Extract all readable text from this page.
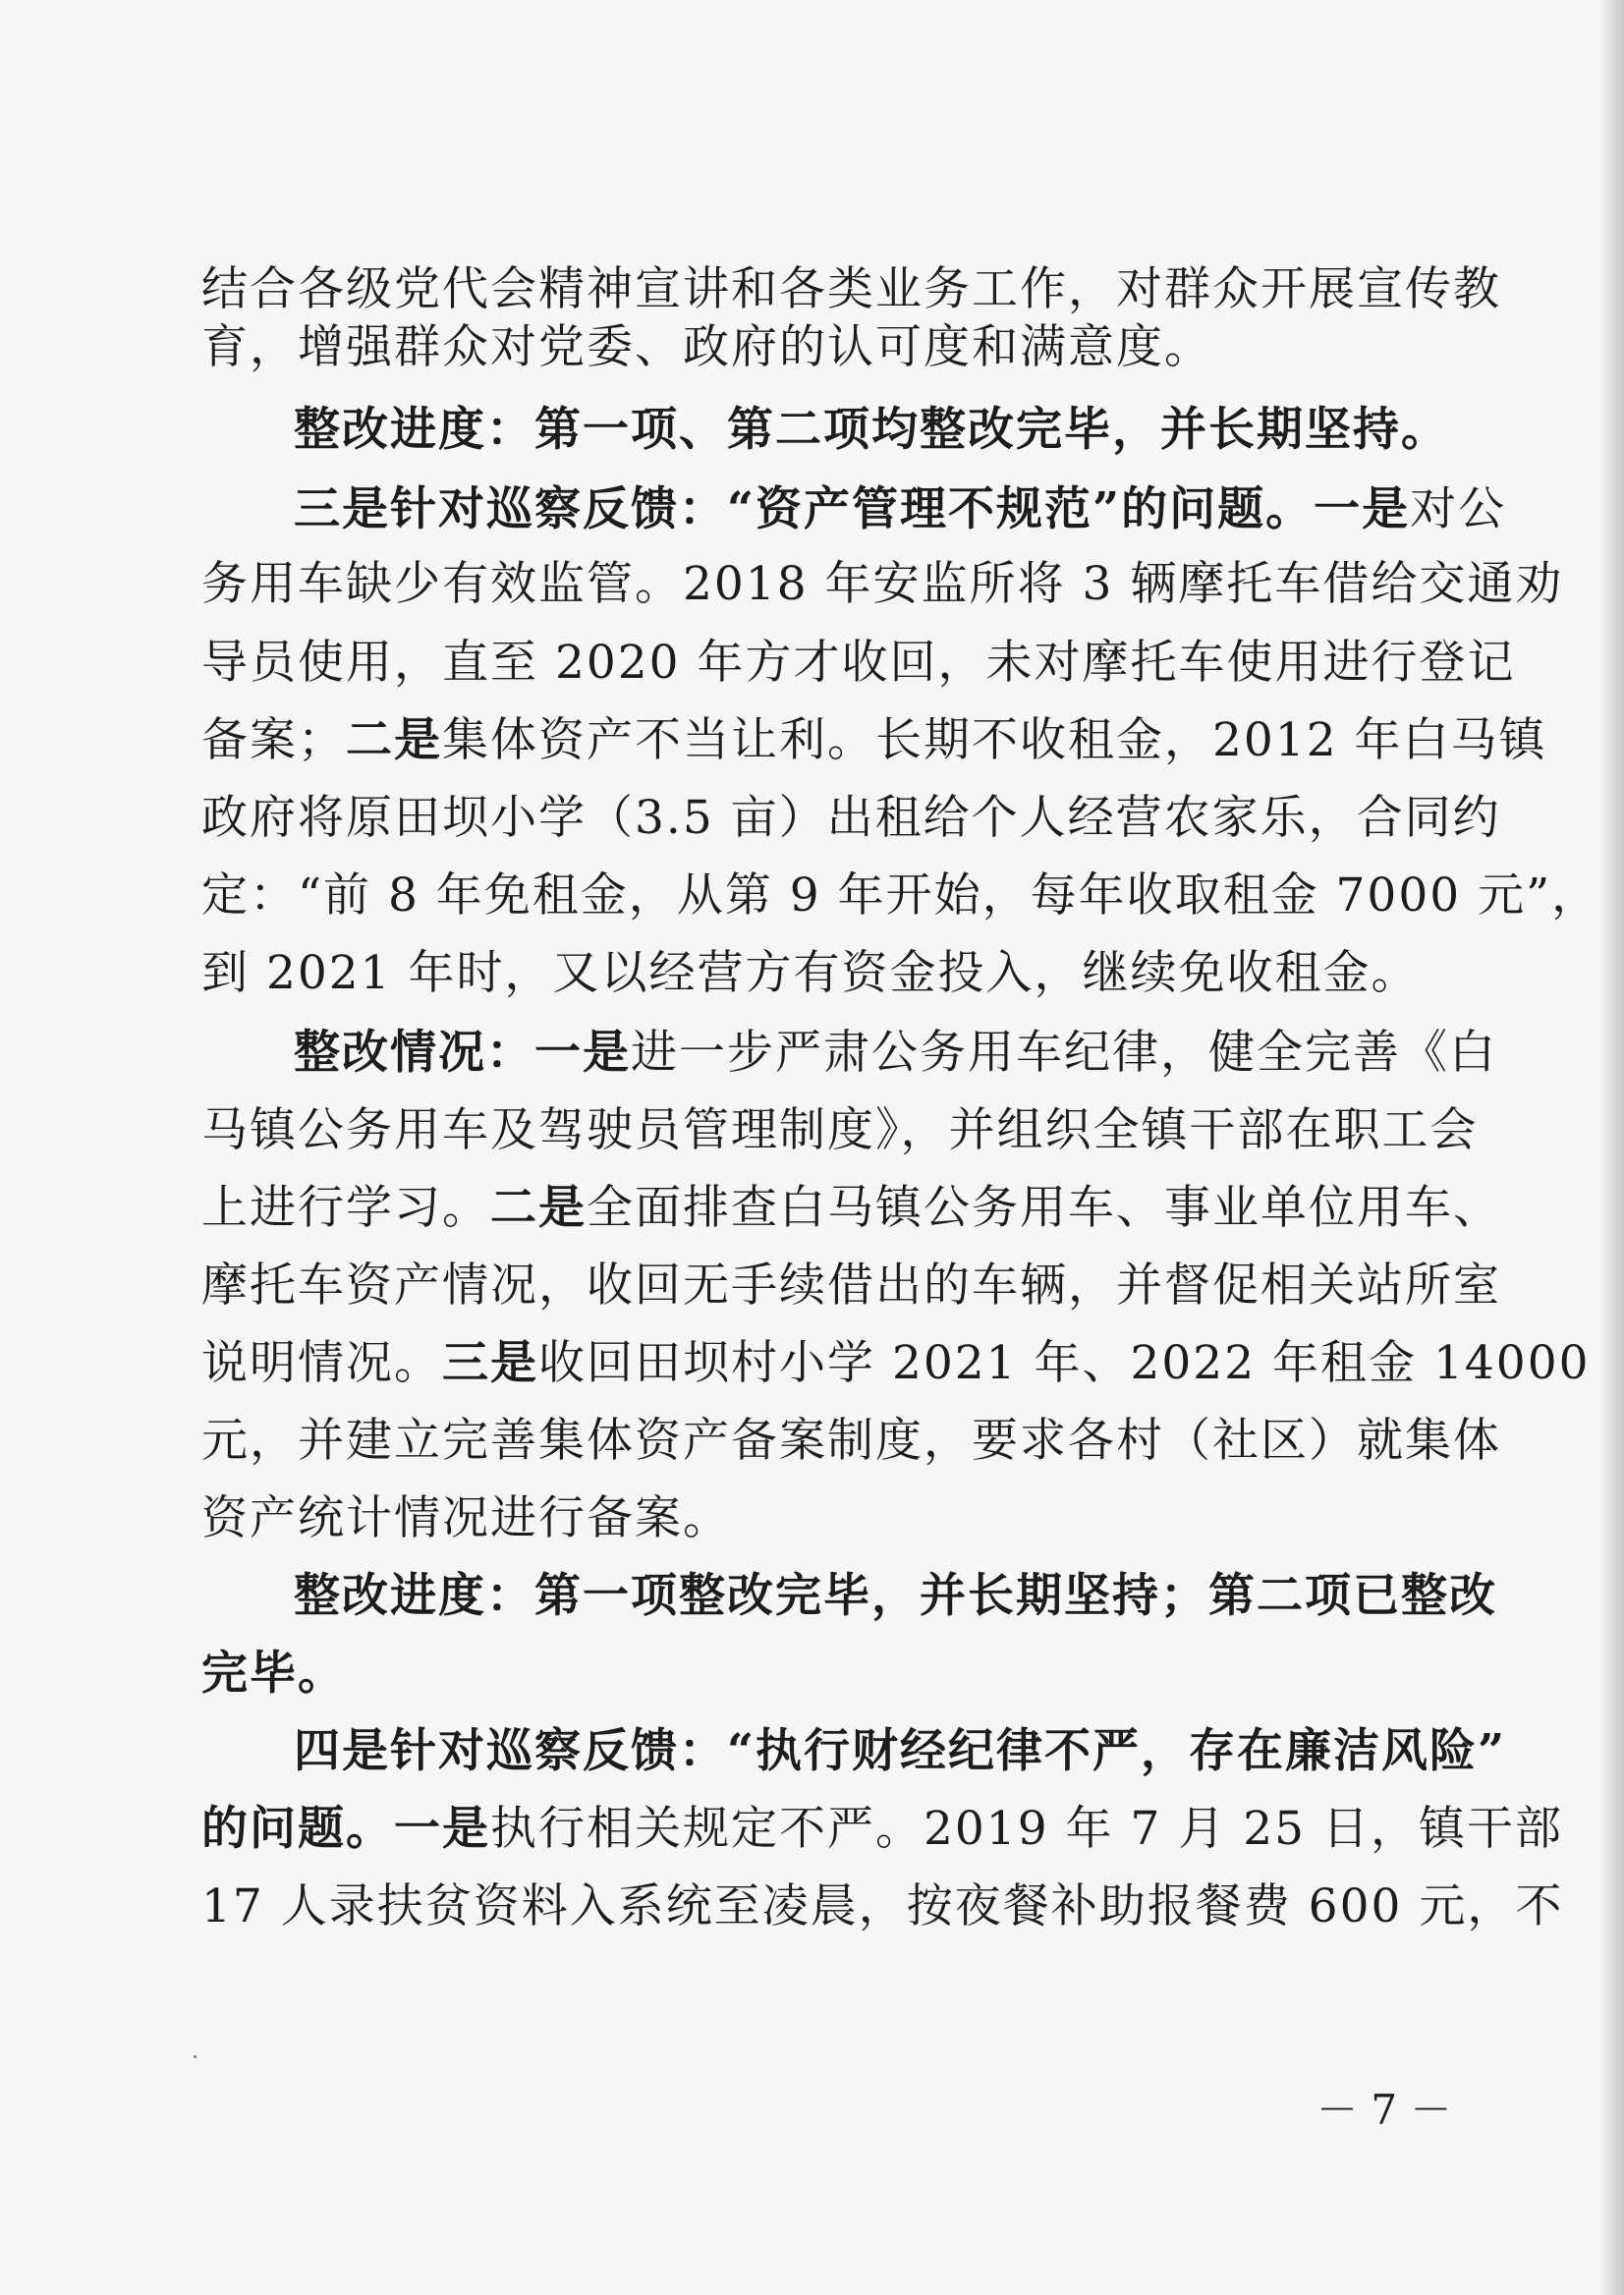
结合各级党代会精神宣讲和各类业务工作，对群众开展宣传教
育，增强群众对党委、政府的认可度和满意度。
整改进度：第一项、第二项均整改完毕，并长期坚持。
三是针对巡察反馈：“资产管理不规范”的问题。一是对公
务用车缺少有效监管。2018 年安监所将 3 辆摩托车借给交通劝
导员使用，直至 2020 年方才收回，未对摩托车使用进行登记
备案；二是集体资产不当让利。长期不收租金，2012 年白马镇
政府将原田坝小学（3.5 亩）出租给个人经营农家乐，合同约
定：“前 8 年免租金，从第 9 年开始，每年收取租金 7000 元”，
到 2021 年时，又以经营方有资金投入，继续免收租金。
整改情况：一是进一步严肃公务用车纪律，健全完善《白
马镇公务用车及驾驶员管理制度》，并组织全镇干部在职工会
上进行学习。二是全面排查白马镇公务用车、事业单位用车、
摩托车资产情况，收回无手续借出的车辆，并督促相关站所室
说明情况。三是收回田坝村小学 2021 年、2022 年租金 14000
元，并建立完善集体资产备案制度，要求各村（社区）就集体
资产统计情况进行备案。
整改进度：第一项整改完毕，并长期坚持；第二项已整改
完毕。
四是针对巡察反馈：“执行财经纪律不严，存在廉洁风险”
的问题。一是执行相关规定不严。2019 年 7 月 25 日，镇干部
17 人录扶贫资料入系统至凌晨，按夜餐补助报餐费 600 元，不
－ 7 －
